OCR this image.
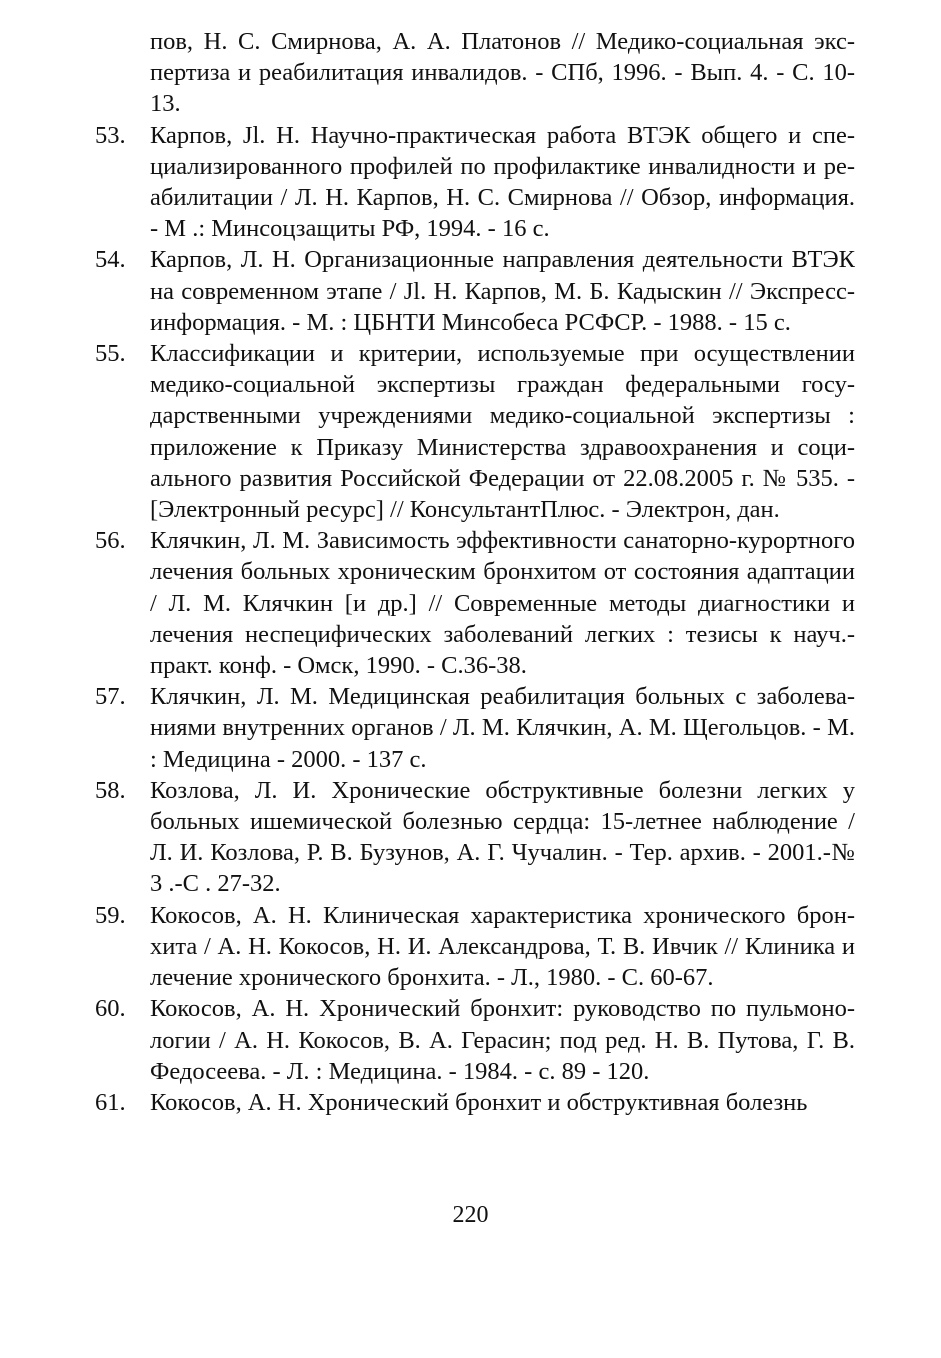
пов, Н. С. Смирнова, А. А. Платонов // Медико-социальная экспертиза и реабилитация инвалидов. - СПб, 1996. - Вып. 4. - С. 10-13.
53. Карпов, Jl. Н. Научно-практическая работа ВТЭК общего и специализированного профилей по профилактике инвалидности и реабилитации / Л. Н. Карпов, Н. С. Смирнова // Обзор, информация. - М .: Минсоцзащиты РФ, 1994. - 16 с.
54. Карпов, Л. Н. Организационные направления деятельности ВТЭК на современном этапе / Jl. Н. Карпов, М. Б. Кадыскин // Экспресс-информация. - М. : ЦБНТИ Минсобеса РСФСР. - 1988. - 15 с.
55. Классификации и критерии, используемые при осуществлении медико-социальной экспертизы граждан федеральными государственными учреждениями медико-социальной экспертизы : приложение к Приказу Министерства здравоохранения и социального развития Российской Федерации от 22.08.2005 г. № 535. - [Электронный ресурс] // КонсультантПлюс. - Электрон, дан.
56. Клячкин, Л. М. Зависимость эффективности санаторно-курортного лечения больных хроническим бронхитом от состояния адаптации / Л. М. Клячкин [и др.] // Современные методы диагностики и лечения неспецифических заболеваний легких : тезисы к науч.-практ. конф. - Омск, 1990. - С.36-38.
57. Клячкин, Л. М. Медицинская реабилитация больных с заболеваниями внутренних органов / Л. М. Клячкин, А. М. Щегольцов. - М. : Медицина - 2000. - 137 с.
58. Козлова, Л. И. Хронические обструктивные болезни легких у больных ишемической болезнью сердца: 15-летнее наблюдение / Л. И. Козлова, Р. В. Бузунов, А. Г. Чучалин. - Тер. архив. - 2001.-№ 3 .-С . 27-32.
59. Кокосов, А. Н. Клиническая характеристика хронического бронхита / А. Н. Кокосов, Н. И. Александрова, Т. В. Ивчик // Клиника и лечение хронического бронхита. - Л., 1980. - С. 60-67.
60. Кокосов, А. Н. Хронический бронхит: руководство по пульмонологии / А. Н. Кокосов, В. А. Герасин; под ред. Н. В. Путова, Г. В. Федосеева. - Л. : Медицина. - 1984. - с. 89 - 120.
61. Кокосов, А. Н. Хронический бронхит и обструктивная болезнь
220
